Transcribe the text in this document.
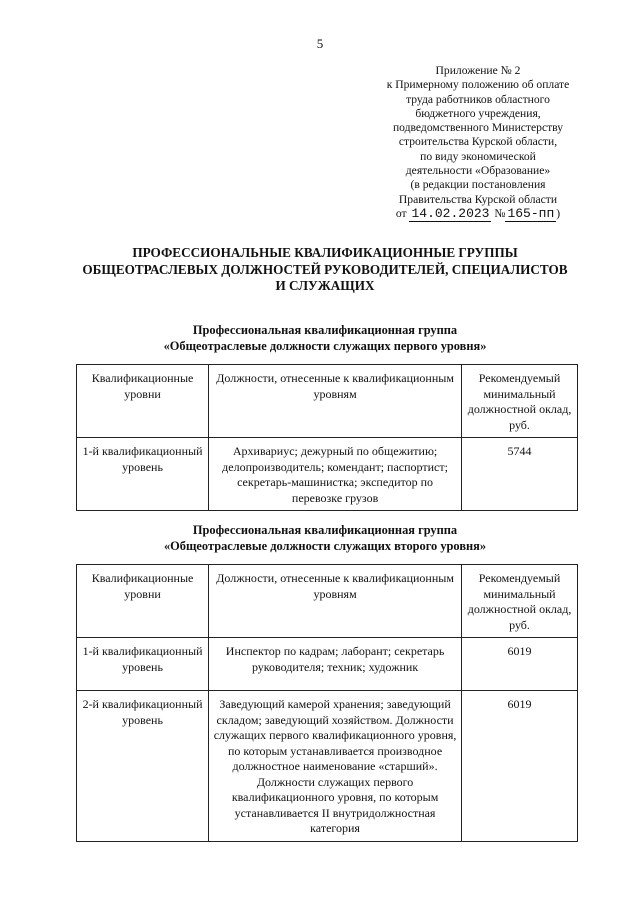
5
Приложение № 2
к Примерному положению об оплате
труда работников областного
бюджетного учреждения,
подведомственного Министерству
строительства Курской области,
по виду экономической
деятельности «Образование»
(в редакции постановления
Правительства Курской области
от 14.02.2023 № 165-пп )
ПРОФЕССИОНАЛЬНЫЕ КВАЛИФИКАЦИОННЫЕ ГРУППЫ
ОБЩЕОТРАСЛЕВЫХ ДОЛЖНОСТЕЙ РУКОВОДИТЕЛЕЙ, СПЕЦИАЛИСТОВ
И СЛУЖАЩИХ
Профессиональная квалификационная группа
«Общеотраслевые должности служащих первого уровня»
Квалификационные уровни	Должности, отнесенные к квалификационным уровням	Рекомендуемый минимальный должностной оклад, руб.
1-й квалификационный уровень	Архивариус; дежурный по общежитию; делопроизводитель; комендант; паспортист; секретарь-машинистка; экспедитор по перевозке грузов	5744
Профессиональная квалификационная группа
«Общеотраслевые должности служащих второго уровня»
Квалификационные уровни	Должности, отнесенные к квалификационным уровням	Рекомендуемый минимальный должностной оклад, руб.
1-й квалификационный уровень	Инспектор по кадрам; лаборант; секретарь руководителя; техник; художник	6019
2-й квалификационный уровень	Заведующий камерой хранения; заведующий складом; заведующий хозяйством. Должности служащих первого квалификационного уровня, по которым устанавливается производное должностное наименование «старший». Должности служащих первого квалификационного уровня, по которым устанавливается II внутридолжностная категория	6019
